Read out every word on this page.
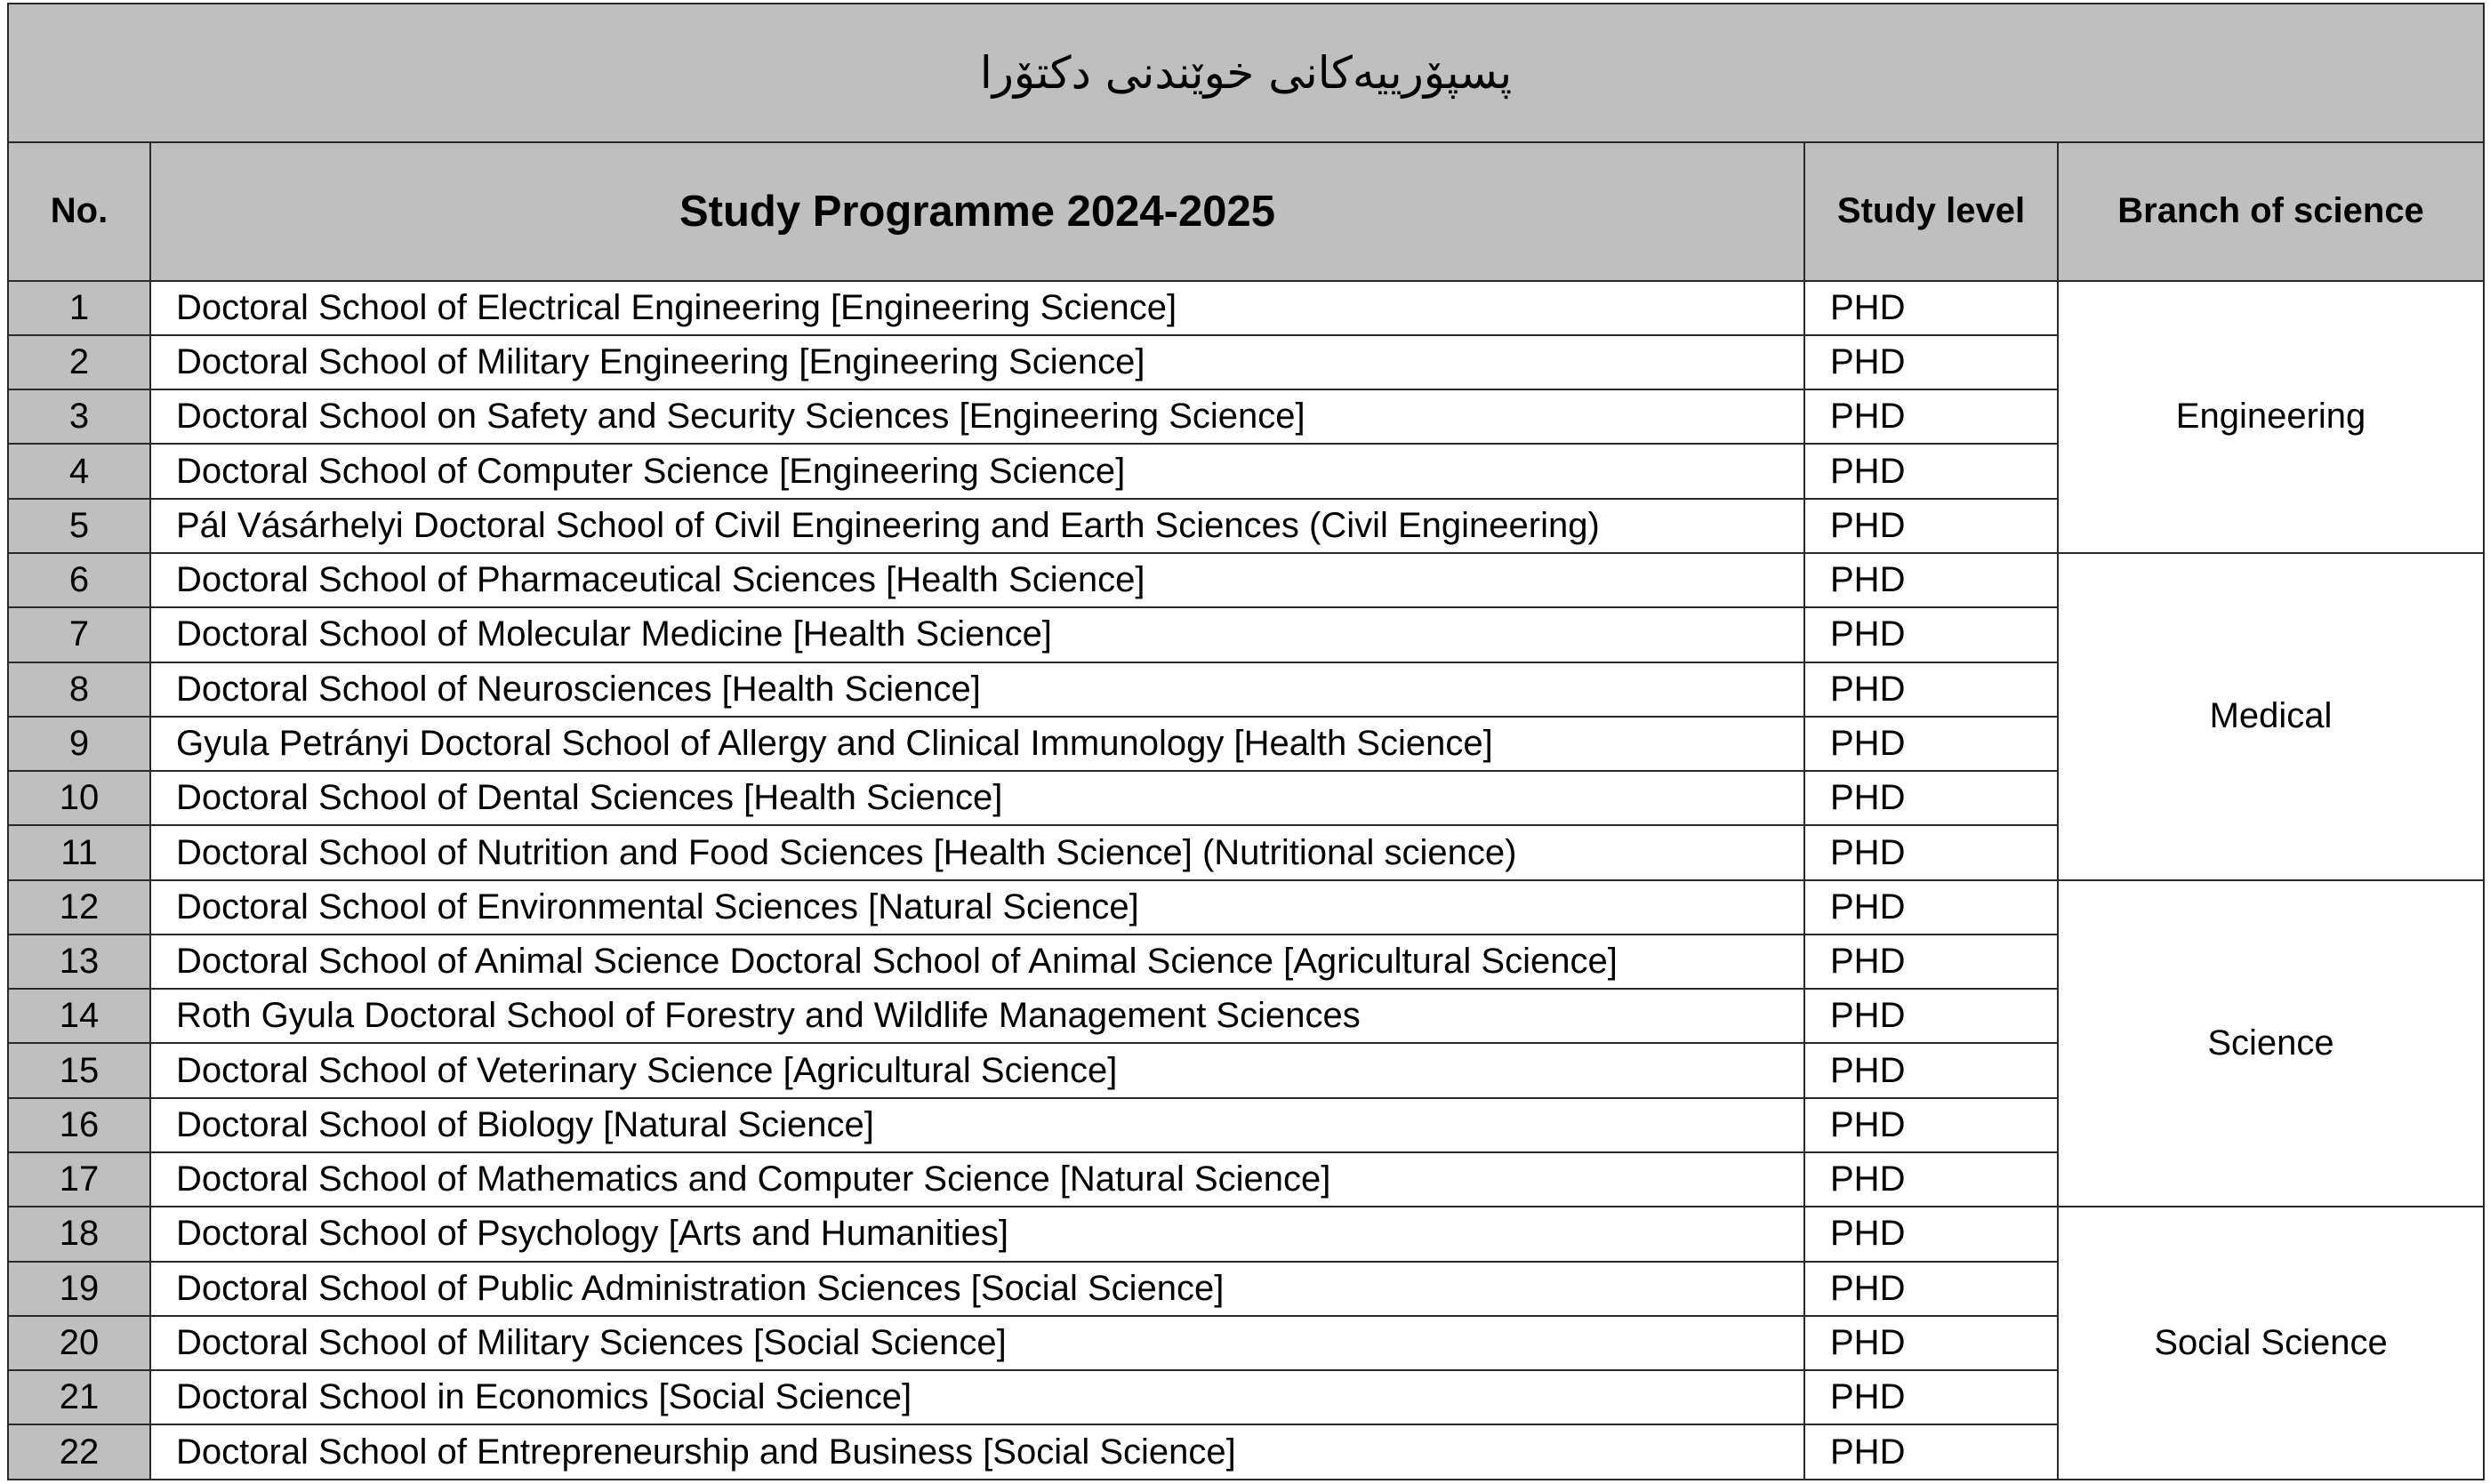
پسپۆرییەکانی خوێندنی دکتۆرا			
No.	Study Programme 2024-2025	Study level	Branch of science
1	Doctoral School of Electrical Engineering [Engineering Science]	PHD	Engineering
2	Doctoral School of Military Engineering [Engineering Science]	PHD	
3	Doctoral School on Safety and Security Sciences [Engineering Science]	PHD	
4	Doctoral School of Computer Science [Engineering Science]	PHD	
5	Pál Vásárhelyi Doctoral School of Civil Engineering and Earth Sciences (Civil Engineering)	PHD	
6	Doctoral School of Pharmaceutical Sciences [Health Science]	PHD	Medical
7	Doctoral School of Molecular Medicine [Health Science]	PHD	
8	Doctoral School of Neurosciences [Health Science]	PHD	
9	Gyula Petrányi Doctoral School of Allergy and Clinical Immunology [Health Science]	PHD	
10	Doctoral School of Dental Sciences [Health Science]	PHD	
11	Doctoral School of Nutrition and Food Sciences [Health Science] (Nutritional science)	PHD	
12	Doctoral School of Environmental Sciences [Natural Science]	PHD	Science
13	Doctoral School of Animal Science Doctoral School of Animal Science [Agricultural Science]	PHD	
14	Roth Gyula Doctoral School of Forestry and Wildlife Management Sciences	PHD	
15	Doctoral School of Veterinary Science [Agricultural Science]	PHD	
16	Doctoral School of Biology [Natural Science]	PHD	
17	Doctoral School of Mathematics and Computer Science [Natural Science]	PHD	
18	Doctoral School of Psychology [Arts and Humanities]	PHD	Social Science
19	Doctoral School of Public Administration Sciences [Social Science]	PHD	
20	Doctoral School of Military Sciences [Social Science]	PHD	
21	Doctoral School in Economics [Social Science]	PHD	
22	Doctoral School of Entrepreneurship and Business [Social Science]	PHD	
